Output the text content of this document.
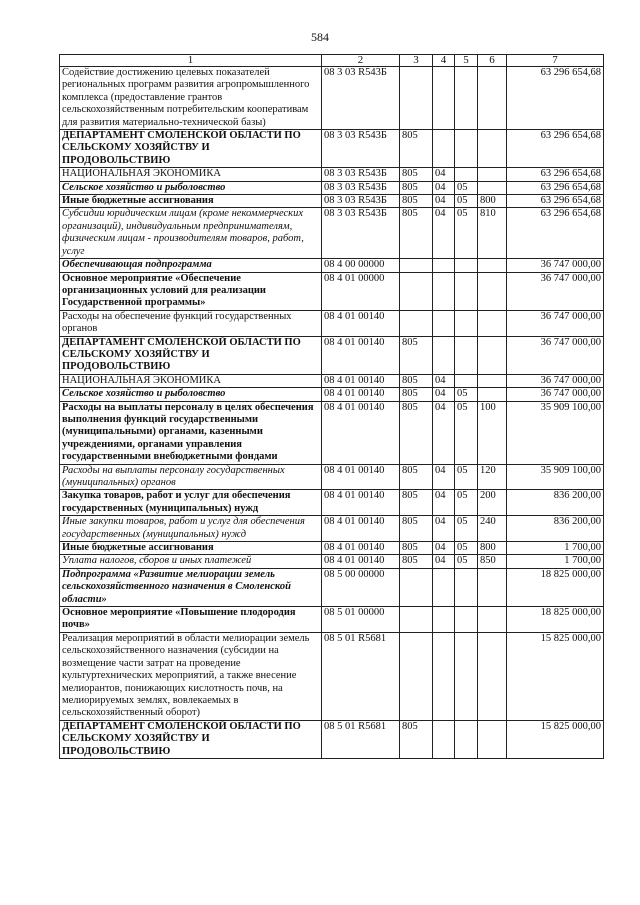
584
1	2	3	4	5	6	7
Содействие достижению целевых показателей региональных программ развития агропромышленного комплекса (предоставление грантов сельскохозяйственным потребительским кооперативам для развития материально-технической базы)	08 3 03 R543Б					63 296 654,68
ДЕПАРТАМЕНТ СМОЛЕНСКОЙ ОБЛАСТИ ПО СЕЛЬСКОМУ ХОЗЯЙСТВУ И ПРОДОВОЛЬСТВИЮ	08 3 03 R543Б	805				63 296 654,68
НАЦИОНАЛЬНАЯ ЭКОНОМИКА	08 3 03 R543Б	805	04			63 296 654,68
Сельское хозяйство и рыболовство	08 3 03 R543Б	805	04	05		63 296 654,68
Иные бюджетные ассигнования	08 3 03 R543Б	805	04	05	800	63 296 654,68
Субсидии юридическим лицам (кроме некоммерческих организаций), индивидуальным предпринимателям, физическим лицам - производителям товаров, работ, услуг	08 3 03 R543Б	805	04	05	810	63 296 654,68
Обеспечивающая подпрограмма	08 4 00 00000					36 747 000,00
Основное мероприятие «Обеспечение организационных условий для реализации Государственной программы»	08 4 01 00000					36 747 000,00
Расходы на обеспечение функций государственных органов	08 4 01 00140					36 747 000,00
ДЕПАРТАМЕНТ СМОЛЕНСКОЙ ОБЛАСТИ ПО СЕЛЬСКОМУ ХОЗЯЙСТВУ И ПРОДОВОЛЬСТВИЮ	08 4 01 00140	805				36 747 000,00
НАЦИОНАЛЬНАЯ ЭКОНОМИКА	08 4 01 00140	805	04			36 747 000,00
Сельское хозяйство и рыболовство	08 4 01 00140	805	04	05		36 747 000,00
Расходы на выплаты персоналу в целях обеспечения выполнения функций государственными (муниципальными) органами, казенными учреждениями, органами управления государственными внебюджетными фондами	08 4 01 00140	805	04	05	100	35 909 100,00
Расходы на выплаты персоналу государственных (муниципальных) органов	08 4 01 00140	805	04	05	120	35 909 100,00
Закупка товаров, работ и услуг для обеспечения государственных (муниципальных) нужд	08 4 01 00140	805	04	05	200	836 200,00
Иные закупки товаров, работ и услуг для обеспечения государственных (муниципальных) нужд	08 4 01 00140	805	04	05	240	836 200,00
Иные бюджетные ассигнования	08 4 01 00140	805	04	05	800	1 700,00
Уплата налогов, сборов и иных платежей	08 4 01 00140	805	04	05	850	1 700,00
Подпрограмма «Развитие мелиорации земель сельскохозяйственного назначения в Смоленской области»	08 5 00 00000					18 825 000,00
Основное мероприятие «Повышение плодородия почв»	08 5 01 00000					18 825 000,00
Реализация мероприятий в области мелиорации земель сельскохозяйственного назначения (субсидии на возмещение части затрат на проведение культуртехнических мероприятий, а также внесение мелиорантов, понижающих кислотность почв, на мелиорируемых землях, вовлекаемых в сельскохозяйственный оборот)	08 5 01 R5681					15 825 000,00
ДЕПАРТАМЕНТ СМОЛЕНСКОЙ ОБЛАСТИ ПО СЕЛЬСКОМУ ХОЗЯЙСТВУ И ПРОДОВОЛЬСТВИЮ	08 5 01 R5681	805				15 825 000,00
